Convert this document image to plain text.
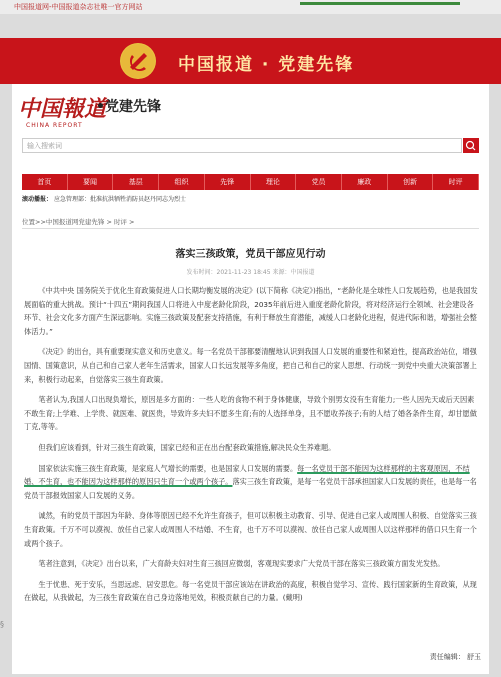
中国报道网-中国报道杂志社唯一官方网站
中国报道 · 党建先锋
中国報道
CHINA REPORT
•党建先锋
输入搜索词
首页	要闻	基层	组织	先锋	理论	党员	廉政	创新	时评
滚动播报： 应急管理部：批准抗洪牺牲消防员赵丹同志为烈士
位置>>中国报道网党建先锋 > 时评 >
落实三孩政策，党员干部应见行动
发布时间：2021-11-23 18:45 来源：中国报道

《中共中央 国务院关于优化生育政策促进人口长期均衡发展的决定》(以下简称《决定》)指出，“老龄化是全球性人口发展趋势，也是我国发展面临的重大挑战。预计“十四五”期间我国人口将进入中度老龄化阶段，2035年前后进入重度老龄化阶段，将对经济运行全领域、社会建设各环节、社会文化多方面产生深远影响。实施三孩政策及配套支持措施，有利于释放生育潜能，减缓人口老龄化进程，促进代际和谐，增强社会整体活力。”

《决定》的出台，具有重要现实意义和历史意义。每一名党员干部都要清醒地认识到我国人口发展的重要性和紧迫性，提高政治站位，增强国情、国策意识，从自己和自己家人老年生活需求，国家人口长远发展等多角度，把自己和自己的家人思想、行动统一到党中央重大决策部署上来，积极行动起来，自觉落实三孩生育政策。

笔者认为,我国人口出现负增长，原因是多方面的：一些人吃的食物不利于身体健康，导致个别男女没有生育能力;一些人因先天或后天因素不敢生育;上学难、上学贵、就医难、就医贵，导致许多夫妇不愿多生育;有的人选择单身，且不愿收养孩子;有的人结了婚各条件生育，却甘愿做丁克,等等。

但我们应该看到，针对三孩生育政策，国家已经和正在出台配套政策措施,解决民众生养难题。

国家依法实施三孩生育政策，是家庭人气增长的需要，也是国家人口发展的需要。每一名党员干部不能因为这样那样的主客观原因，不结婚、不生育，也不能因为这样那样的原因只生育一个或两个孩子。落实三孩生育政策，是每一名党员干部承担国家人口发展的责任，也是每一名党员干部报效国家人口发展的义务。

诚然，有的党员干部因为年龄、身体等原因已经不允许生育孩子，但可以积极主动教育、引导、促进自己家人或周围人积极、自觉落实三孩生育政策。千万不可以漠视、放任自己家人或周围人不结婚、不生育，也千万不可以漠视、放任自己家人或周围人以这样那样的借口只生育一个或两个孩子。

笔者注意到，《决定》出台以来，广大育龄夫妇对生育三孩回应微弱，客观现实要求广大党员干部在落实三孩政策方面发光发热。

生于忧患、死于安乐，当思远虑、居安思危。每一名党员干部应该站在讲政治的高度，积极自觉学习、宣传、践行国家新的生育政策，从现在做起，从我做起，为三孩生育政策在自己身边落地见效，积极贡献自己的力量。(戴明)

责任编辑： 舒玉
§
